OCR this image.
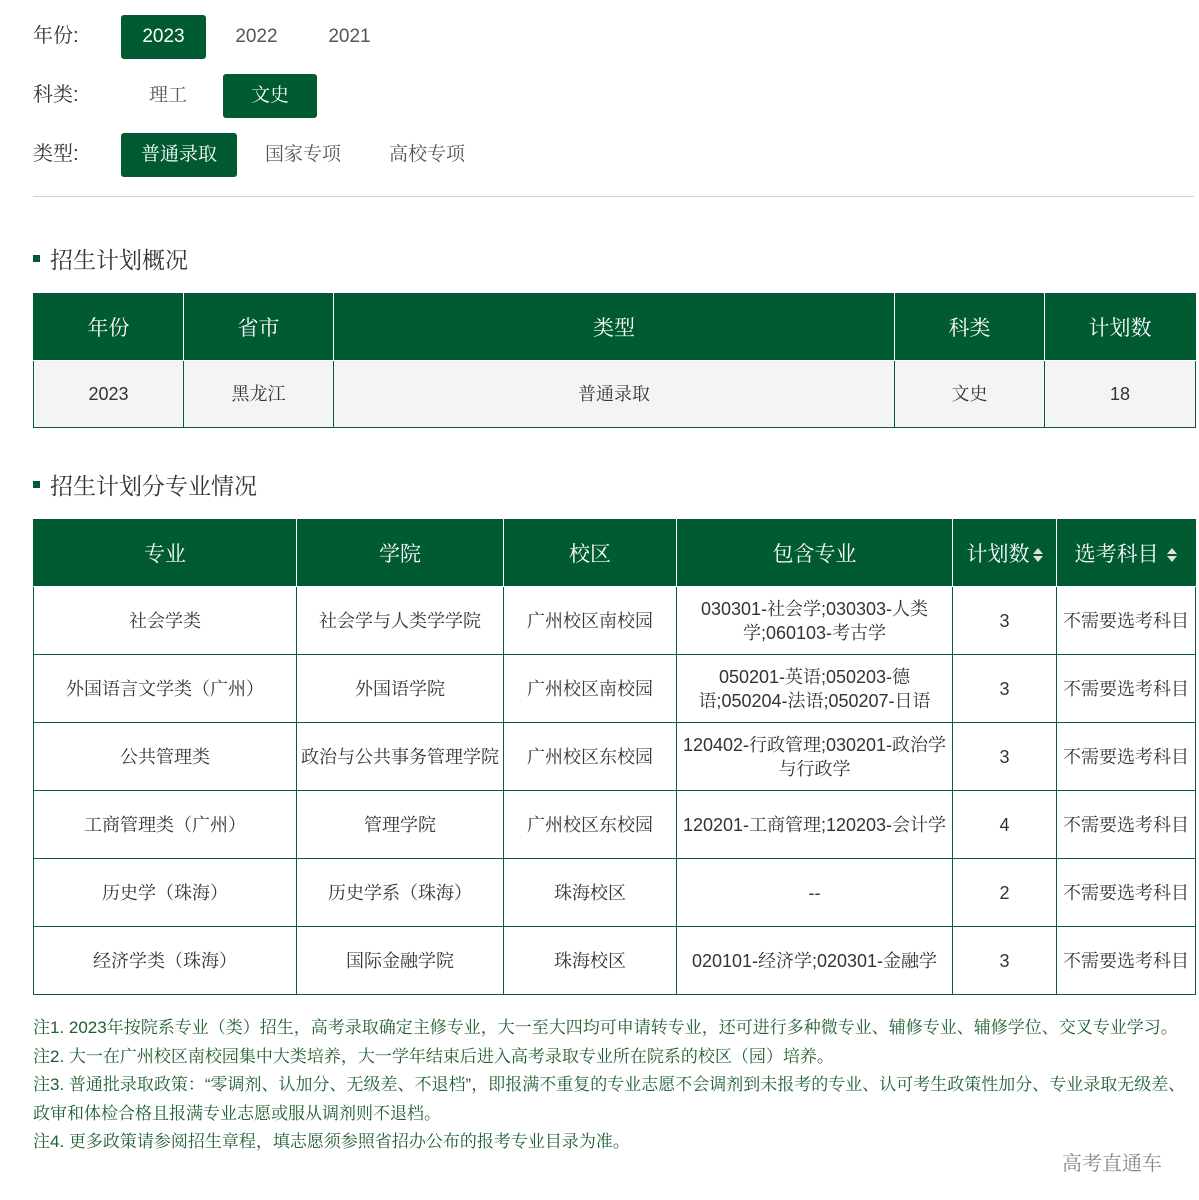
年份:	2023	2022	2021
科类:	理工	文史
类型:	普通录取	国家专项	高校专项
招生计划概况
年份	省市	类型	科类	计划数
2023	黑龙江	普通录取	文史	18
招生计划分专业情况
专业	学院	校区	包含专业	计划数	选考科目
社会学类	社会学与人类学学院	广州校区南校园	030301-社会学;030303-人类学;060103-考古学	3	不需要选考科目
外国语言文学类（广州）	外国语学院	广州校区南校园	050201-英语;050203-德语;050204-法语;050207-日语	3	不需要选考科目
公共管理类	政治与公共事务管理学院	广州校区东校园	120402-行政管理;030201-政治学与行政学	3	不需要选考科目
工商管理类（广州）	管理学院	广州校区东校园	120201-工商管理;120203-会计学	4	不需要选考科目
历史学（珠海）	历史学系（珠海）	珠海校区	--	2	不需要选考科目
经济学类（珠海）	国际金融学院	珠海校区	020101-经济学;020301-金融学	3	不需要选考科目

注1. 2023年按院系专业（类）招生，高考录取确定主修专业，大一至大四均可申请转专业，还可进行多种微专业、辅修专业、辅修学位、交叉专业学习。

注2. 大一在广州校区南校园集中大类培养，大一学年结束后进入高考录取专业所在院系的校区（园）培养。

注3. 普通批录取政策：“零调剂、认加分、无级差、不退档”，即报满不重复的专业志愿不会调剂到未报考的专业、认可考生政策性加分、专业录取无级差、政审和体检合格且报满专业志愿或服从调剂则不退档。

注4. 更多政策请参阅招生章程，填志愿须参照省招办公布的报考专业目录为准。

高考直通车
